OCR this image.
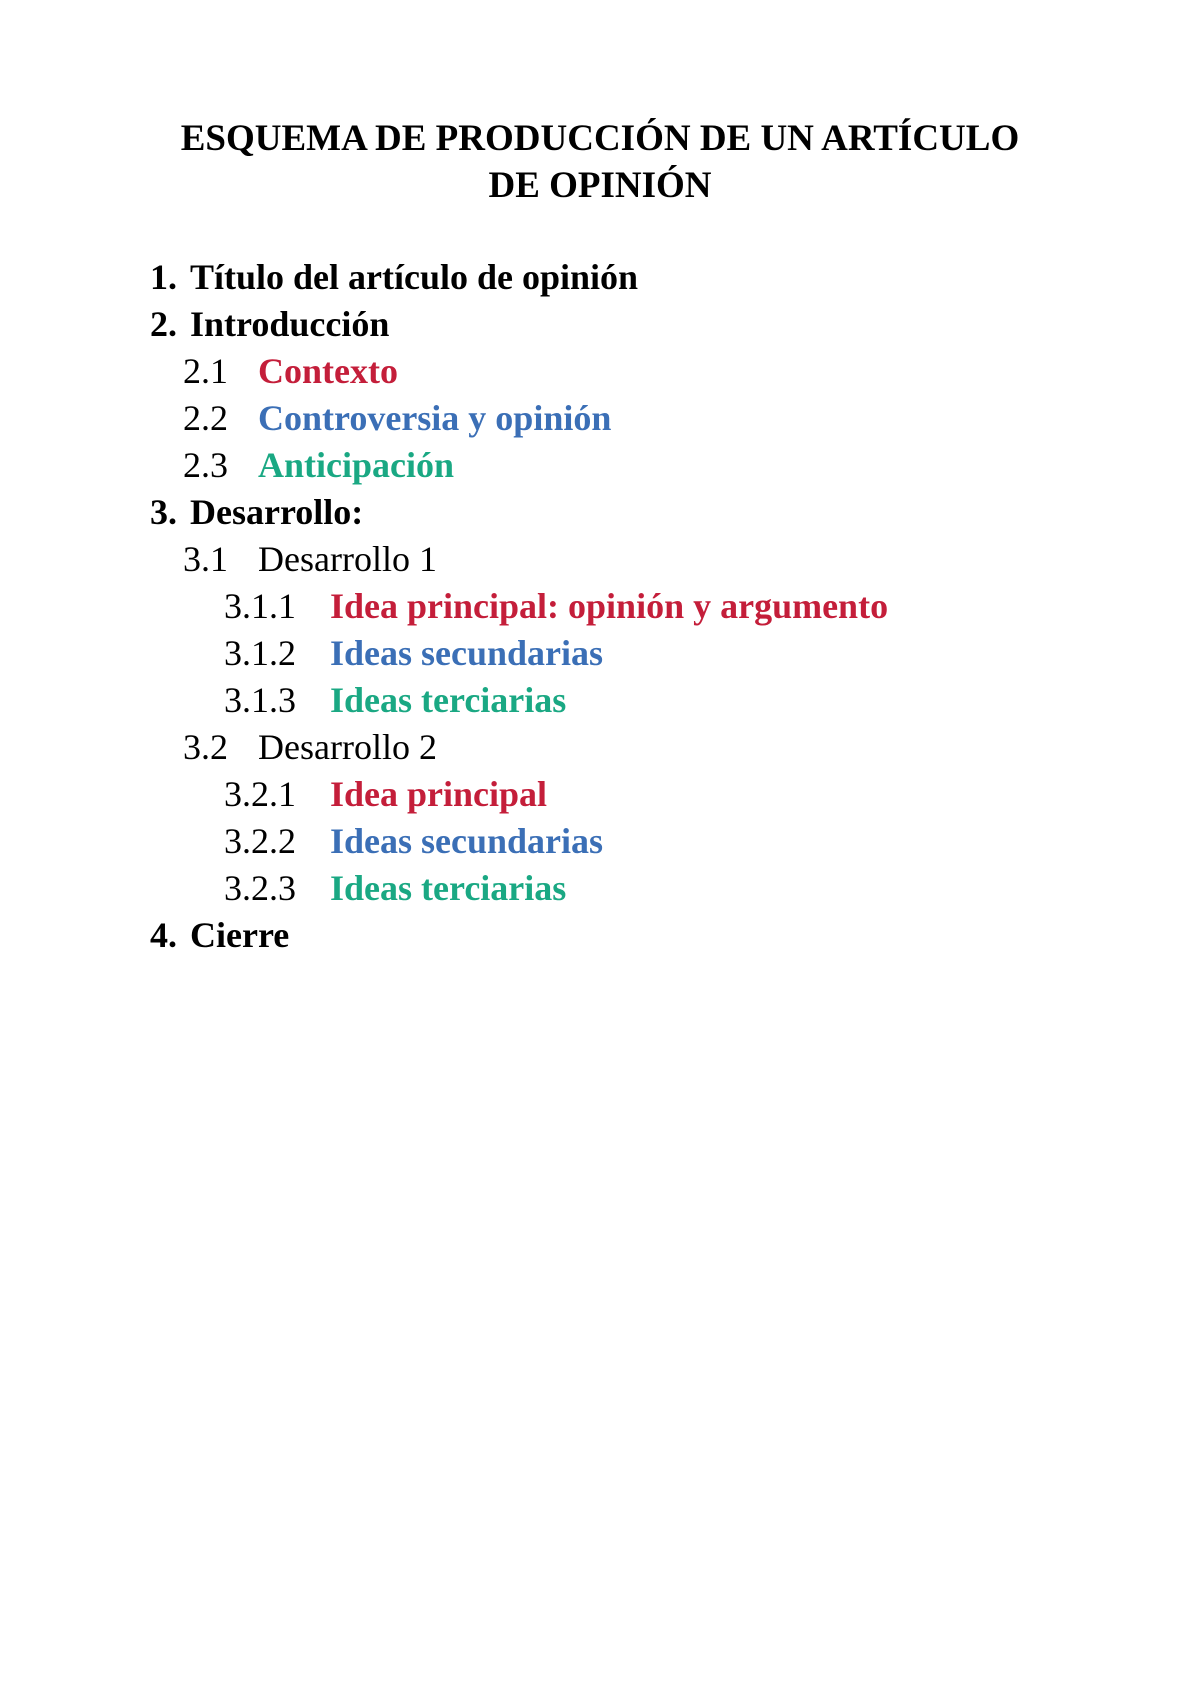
ESQUEMA DE PRODUCCIÓN DE UN ARTÍCULO
DE OPINIÓN
1. Título del artículo de opinión
2. Introducción
2.1 Contexto
2.2 Controversia y opinión
2.3 Anticipación
3. Desarrollo:
3.1 Desarrollo 1
3.1.1 Idea principal: opinión y argumento
3.1.2 Ideas secundarias
3.1.3 Ideas terciarias
3.2 Desarrollo 2
3.2.1 Idea principal
3.2.2 Ideas secundarias
3.2.3 Ideas terciarias
4. Cierre
